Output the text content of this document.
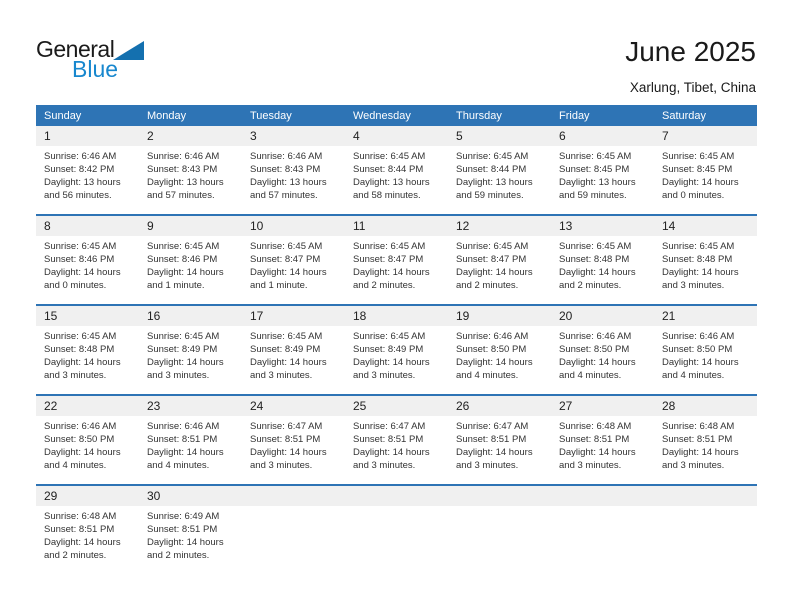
General
Blue
June 2025
Xarlung, Tibet, China
Sunday	Monday	Tuesday	Wednesday	Thursday	Friday	Saturday
1	2	3	4	5	6	7
Sunrise: 6:46 AM
Sunset: 8:42 PM
Daylight: 13 hours
and 56 minutes.
Sunrise: 6:46 AM
Sunset: 8:43 PM
Daylight: 13 hours
and 57 minutes.
Sunrise: 6:46 AM
Sunset: 8:43 PM
Daylight: 13 hours
and 57 minutes.
Sunrise: 6:45 AM
Sunset: 8:44 PM
Daylight: 13 hours
and 58 minutes.
Sunrise: 6:45 AM
Sunset: 8:44 PM
Daylight: 13 hours
and 59 minutes.
Sunrise: 6:45 AM
Sunset: 8:45 PM
Daylight: 13 hours
and 59 minutes.
Sunrise: 6:45 AM
Sunset: 8:45 PM
Daylight: 14 hours
and 0 minutes.
8	9	10	11	12	13	14
Sunrise: 6:45 AM
Sunset: 8:46 PM
Daylight: 14 hours
and 0 minutes.
Sunrise: 6:45 AM
Sunset: 8:46 PM
Daylight: 14 hours
and 1 minute.
Sunrise: 6:45 AM
Sunset: 8:47 PM
Daylight: 14 hours
and 1 minute.
Sunrise: 6:45 AM
Sunset: 8:47 PM
Daylight: 14 hours
and 2 minutes.
Sunrise: 6:45 AM
Sunset: 8:47 PM
Daylight: 14 hours
and 2 minutes.
Sunrise: 6:45 AM
Sunset: 8:48 PM
Daylight: 14 hours
and 2 minutes.
Sunrise: 6:45 AM
Sunset: 8:48 PM
Daylight: 14 hours
and 3 minutes.
15	16	17	18	19	20	21
Sunrise: 6:45 AM
Sunset: 8:48 PM
Daylight: 14 hours
and 3 minutes.
Sunrise: 6:45 AM
Sunset: 8:49 PM
Daylight: 14 hours
and 3 minutes.
Sunrise: 6:45 AM
Sunset: 8:49 PM
Daylight: 14 hours
and 3 minutes.
Sunrise: 6:45 AM
Sunset: 8:49 PM
Daylight: 14 hours
and 3 minutes.
Sunrise: 6:46 AM
Sunset: 8:50 PM
Daylight: 14 hours
and 4 minutes.
Sunrise: 6:46 AM
Sunset: 8:50 PM
Daylight: 14 hours
and 4 minutes.
Sunrise: 6:46 AM
Sunset: 8:50 PM
Daylight: 14 hours
and 4 minutes.
22	23	24	25	26	27	28
Sunrise: 6:46 AM
Sunset: 8:50 PM
Daylight: 14 hours
and 4 minutes.
Sunrise: 6:46 AM
Sunset: 8:51 PM
Daylight: 14 hours
and 4 minutes.
Sunrise: 6:47 AM
Sunset: 8:51 PM
Daylight: 14 hours
and 3 minutes.
Sunrise: 6:47 AM
Sunset: 8:51 PM
Daylight: 14 hours
and 3 minutes.
Sunrise: 6:47 AM
Sunset: 8:51 PM
Daylight: 14 hours
and 3 minutes.
Sunrise: 6:48 AM
Sunset: 8:51 PM
Daylight: 14 hours
and 3 minutes.
Sunrise: 6:48 AM
Sunset: 8:51 PM
Daylight: 14 hours
and 3 minutes.
29	30
Sunrise: 6:48 AM
Sunset: 8:51 PM
Daylight: 14 hours
and 2 minutes.
Sunrise: 6:49 AM
Sunset: 8:51 PM
Daylight: 14 hours
and 2 minutes.
